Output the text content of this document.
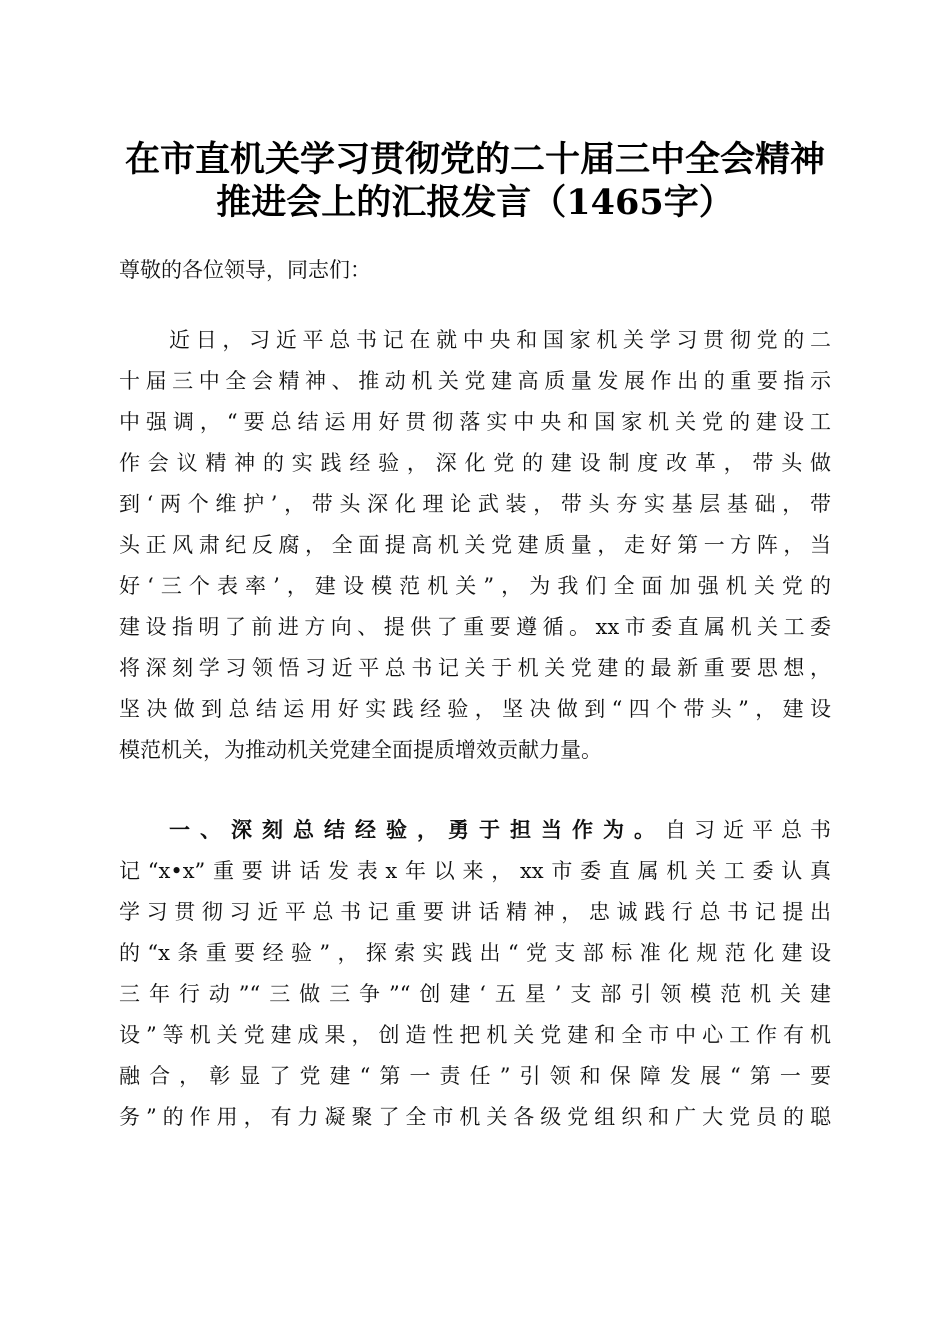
在市直机关学习贯彻党的二十届三中全会精神
推进会上的汇报发言（1465字）
尊敬的各位领导，同志们：
近日，习近平总书记在就中央和国家机关学习贯彻党的二
十届三中全会精神、推动机关党建高质量发展作出的重要指示
中强调，“要总结运用好贯彻落实中央和国家机关党的建设工
作会议精神的实践经验，深化党的建设制度改革，带头做
到‘两个维护’，带头深化理论武装，带头夯实基层基础，带
头正风肃纪反腐，全面提高机关党建质量，走好第一方阵，当
好‘三个表率’，建设模范机关”，为我们全面加强机关党的
建设指明了前进方向、提供了重要遵循。xx市委直属机关工委
将深刻学习领悟习近平总书记关于机关党建的最新重要思想，
坚决做到总结运用好实践经验，坚决做到“四个带头”，建设
模范机关，为推动机关党建全面提质增效贡献力量。
一、深刻总结经验，勇于担当作为。自习近平总书
记“x•x”重要讲话发表x年以来，xx市委直属机关工委认真
学习贯彻习近平总书记重要讲话精神，忠诚践行总书记提出
的“x条重要经验”，探索实践出“党支部标准化规范化建设
三年行动”“三做三争”“创建‘五星’支部引领模范机关建
设”等机关党建成果，创造性把机关党建和全市中心工作有机
融合，彰显了党建“第一责任”引领和保障发展“第一要
务”的作用，有力凝聚了全市机关各级党组织和广大党员的聪
